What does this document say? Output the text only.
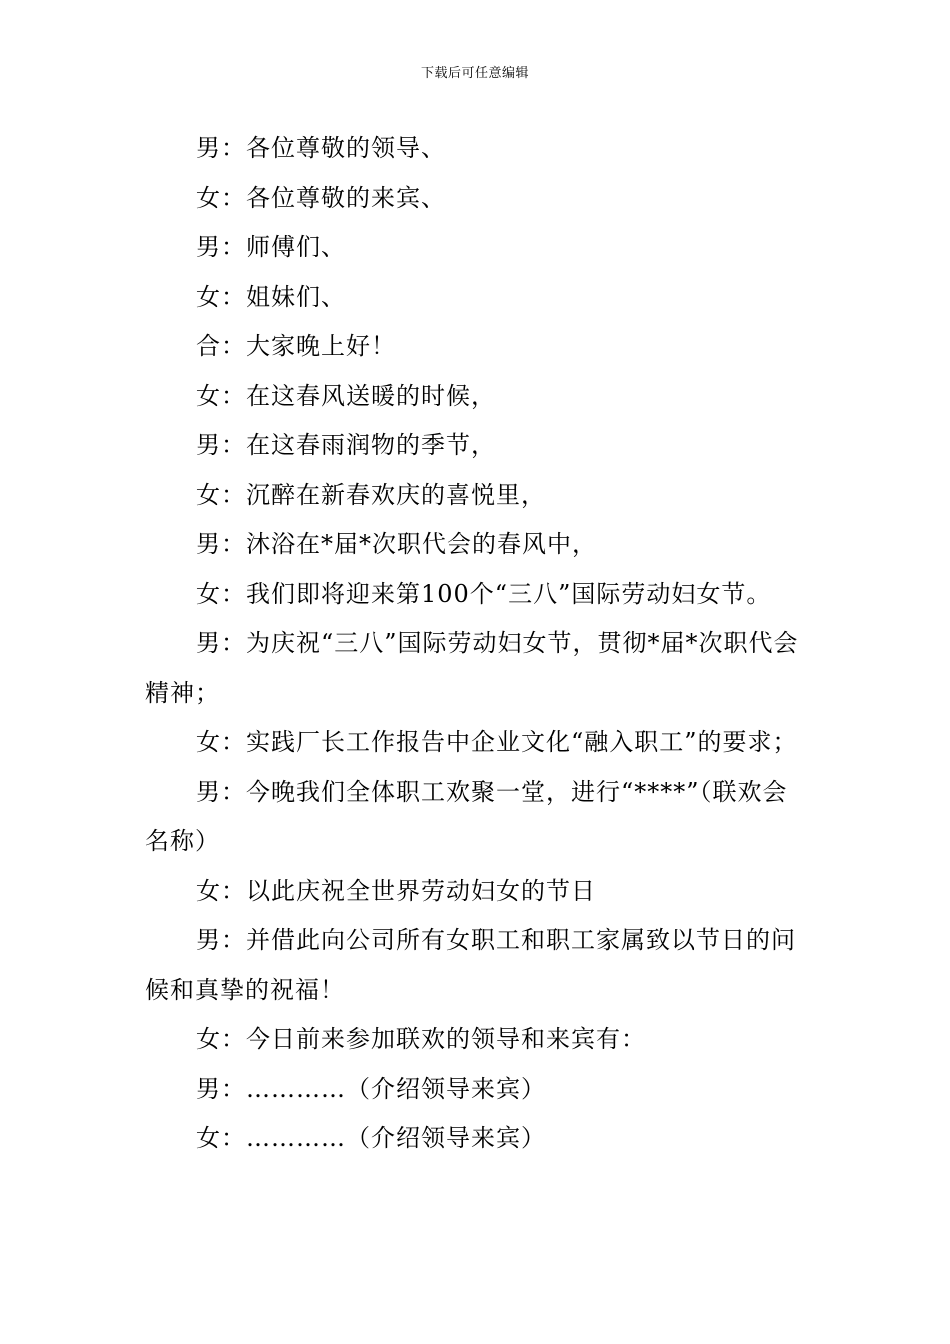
下载后可任意编辑

男：各位尊敬的领导、

女：各位尊敬的来宾、

男：师傅们、

女：姐妹们、

合：大家晚上好！

女：在这春风送暖的时候，

男：在这春雨润物的季节，

女：沉醉在新春欢庆的喜悦里，

男：沐浴在*届*次职代会的春风中，

女：我们即将迎来第100个“三八”国际劳动妇女节。

男：为庆祝“三八”国际劳动妇女节，贯彻*届*次职代会精神；

女：实践厂长工作报告中企业文化“融入职工”的要求；

男：今晚我们全体职工欢聚一堂，进行“****”（联欢会名称）

女：以此庆祝全世界劳动妇女的节日

男：并借此向公司所有女职工和职工家属致以节日的问候和真挚的祝福！

女：今日前来参加联欢的领导和来宾有：

男：…………（介绍领导来宾）

女：…………（介绍领导来宾）
